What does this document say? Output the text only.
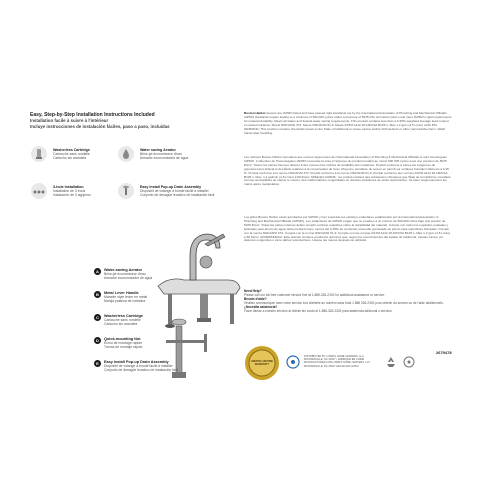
Easy, Step-by-Step Installation Instructions Included
Installation facile à suivre à l'intérieur
Incluye instrucciones de instalación fáciles, paso a paso, incluidas
Washerless Cartridge
Cartouche sans rondelle
Cartucho sin arandela
Water saving Aerator
Brise-jet économiseur d'eau
Aireador economizador de agua
3-hole Installation
Installation de 3 trous
Instalación de 3 agujeros
Easy Install Pop-up Drain Assembly
Dispositif de vidange à bonde facile à installer
Conjunto de desagüe levadizo de instalación fácil
A	Water-saving Aerator
Brise-jet économiseur d'eau
Aireador economizador de agua
B	Metal Lever Handle
Manette style levier en métal
Manija palanca de metálica
C	Washerless Cartridge
Cartouche sans rondelle
Cartucho sin arandela
D	Quick-mounting Nut
Écrou de montage rapide
Tuerca de montaje rápido
E	Easy Install Pop-up Drain Assembly
Dispositif de vidange à bonde facile à installer
Conjunto de desagüe levadizo de instalación fácil
Boston Harbor faucets are IAPMO listed and have passed rigid standards set by the International Association of Plumbing and Mechanical Officials. IAPMO standards require testing to a minimum of 500,000 cycles under a pressure of 50±5 PSI. All interior parts must meet IAPMO's rigid requirements for material durability. Meets all states and federal water saving requirements. This product contains less than a 0.25% weighted average lead content on wetted surfaces. Meets NSF/ANSI 372. Meets NSF/ANSI 61-9. Meets ASTM A112.18.1M/CSA B125.1. Max 1.2 gpm (4.5 L/min) at 60 PSI. WARNING: This product contains chemicals known to the State of California to cause cancer and/or birth defects or other reproductive harm. Wash hands after handling.
Les robinets Boston Harbor répondent aux normes rigoureuses de l'International Association of Plumbing & Mechanical Officials et sont homologués IAPMO. L'obtention de l'homologation IAPMO nécessite la mise à l'épreuve du produit pendant au moins 500 000 cycles sous une pression de 50±5 lb/po². Toutes les pièces internes doivent à des normes très strictes de durabilité des matériaux. Produit conforme à toutes les exigences du gouvernement fédéral et des États relatives à la conservation de l'eau. Moyenne pondérée du teneur en plomb sur surfaces humides inférieure à 0,25 %. Produit conforme à la norme NSF/ANSI 372. Produit conforme à la norme NSF/ANSI 61-9. Produit conforme aux normes ASTM A112.18.1M/CSA B125.1. Max. 1,2 gal/min (4,5 L/min) à 60 lb/po². MISE EN GARDE : Ce produit contient des substances chimiques que l'État de la Californie considère comme susceptibles de causer le cancer, des malformations congénitales ou d'autres problèmes de santé reproductive. Se laver soigneusement les mains après manipulation.
Los grifos Boston Harbor están aprobados por IAPMO y han superado los estrictos estándares establecidos por la International Association of Plumbing and Mechanical Officials (IAPMO). Los estándares de IAPMO exigen que se prueben a un mínimo de 500,000 ciclos bajo una presión de 50±5 lb/po². Todas las partes internas deben cumplir estrictos requisitos sobre la durabilidad del material. Cumple con todos los requisitos estatales y federales para ahorro de agua. Este producto tiene menos del 0.25% de contenido promedio ponderado de plomo para superficies húmedas. Cumple con la norma NSF/ANSI 372. Cumple con la norma NSF/ANSI 61-9. Cumple con las normas ASTM A112.18.1M/CSA B125.1. Máx 1.2 gpm (4.5 L/min) a 60 lb/po². ADVERTENCIA: Este artículo contiene productos químicos que, según los conocimientos del estado de California, causan cáncer y/o defectos congénitos u otros daños reproductivos. Lávese las manos después de utilizarlo.
Need Help?
Please call our toll-free customer service line at 1-888-326-2302 for additional assistance or service.
Besoin d'aide?
Veuillez communiquer avec notre service à la clientèle au numéro sans frais 1 888 326-2302 pour obtenir du service ou de l'aide additionnels.
¿Necesita asistencia?
Favor llamar a nuestro servicio al cliente sin costo al 1-888-326-2302 para asistencia adicional o servicio.
LIMITED LIFETIME WARRANTY
DISTRIBUTED BY LOWE'S HOME CENTERS, LLC, MOORESVILLE, NC 28117 • FABRIQUÉ EN CHINE MANUFACTURED FOR LOWE'S HOME CENTERS, LLC MOORESVILLE, NC 28117 HECHO EN CHINA
2679478
